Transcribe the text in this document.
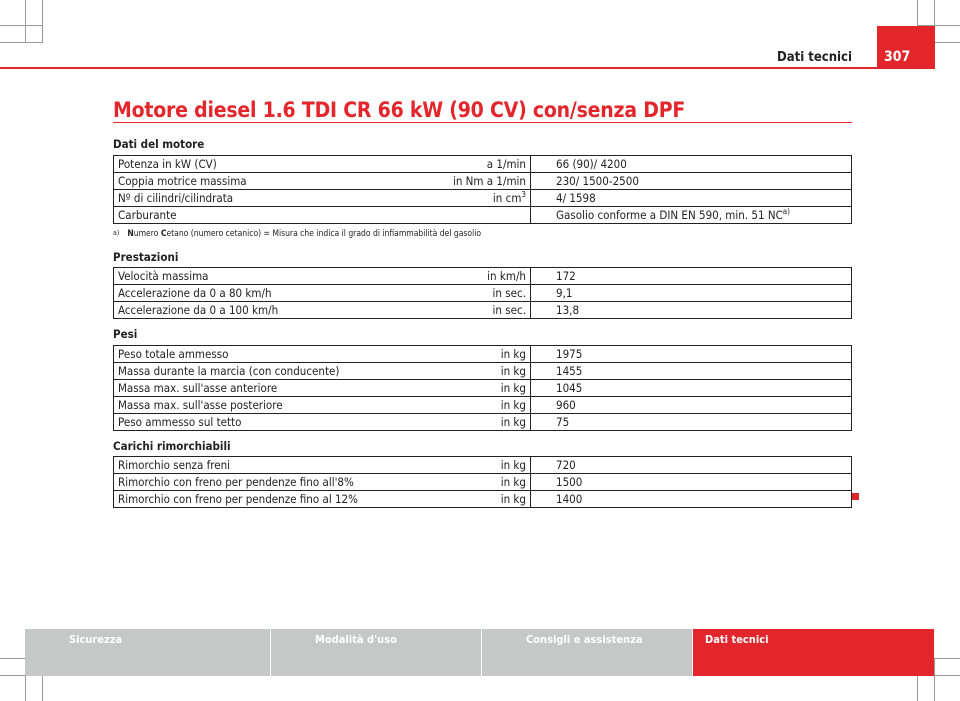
Dati tecnici	307
Motore diesel 1.6 TDI CR 66 kW (90 CV) con/senza DPF
Dati del motore
Potenza in kW (CV)	a 1/min	66 (90)/ 4200
Coppia motrice massima	in Nm a 1/min	230/ 1500-2500
Nº di cilindri/cilindrata	in $cm^3$	4/ 1598
Carburante		Gasolio conforme a DIN EN 590, min. 51 NC$^{a)}$
$^{a)}$ Numero Cetano (numero cetanico) = Misura che indica il grado di infiammabilità del gasolio
Prestazioni
Velocità massima	in km/h	172
Accelerazione da 0 a 80 km/h	in sec.	9,1
Accelerazione da 0 a 100 km/h	in sec.	13,8
Pesi
Peso totale ammesso	in kg	1975
Massa durante la marcia (con conducente)	in kg	1455
Massa max. sull'asse anteriore	in kg	1045
Massa max. sull'asse posteriore	in kg	960
Peso ammesso sul tetto	in kg	75
Carichi rimorchiabili
Rimorchio senza freni	in kg	720
Rimorchio con freno per pendenze fino all'8%	in kg	1500
Rimorchio con freno per pendenze fino al 12%	in kg	1400
Sicurezza	Modalità d'uso	Consigli e assistenza	Dati tecnici
